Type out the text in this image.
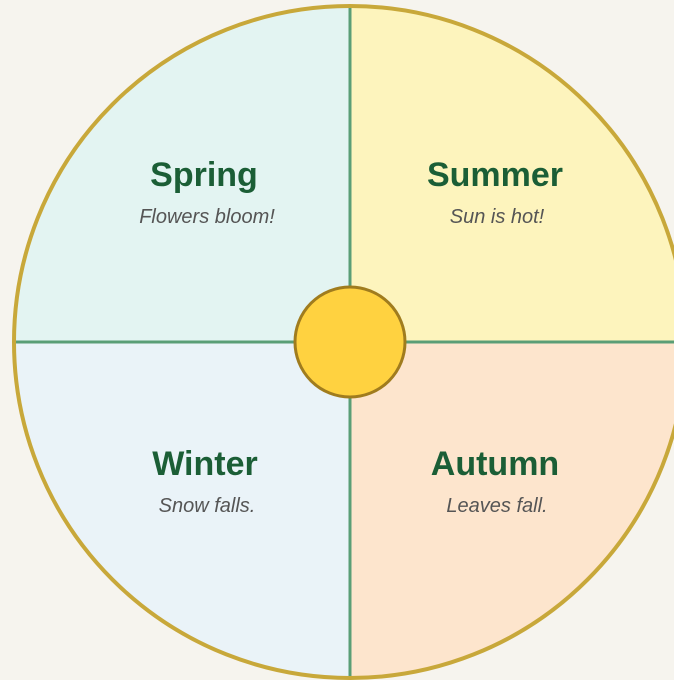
Spring
Flowers bloom!
Summer
Sun is hot!
Winter
Snow falls.
Autumn
Leaves fall.
